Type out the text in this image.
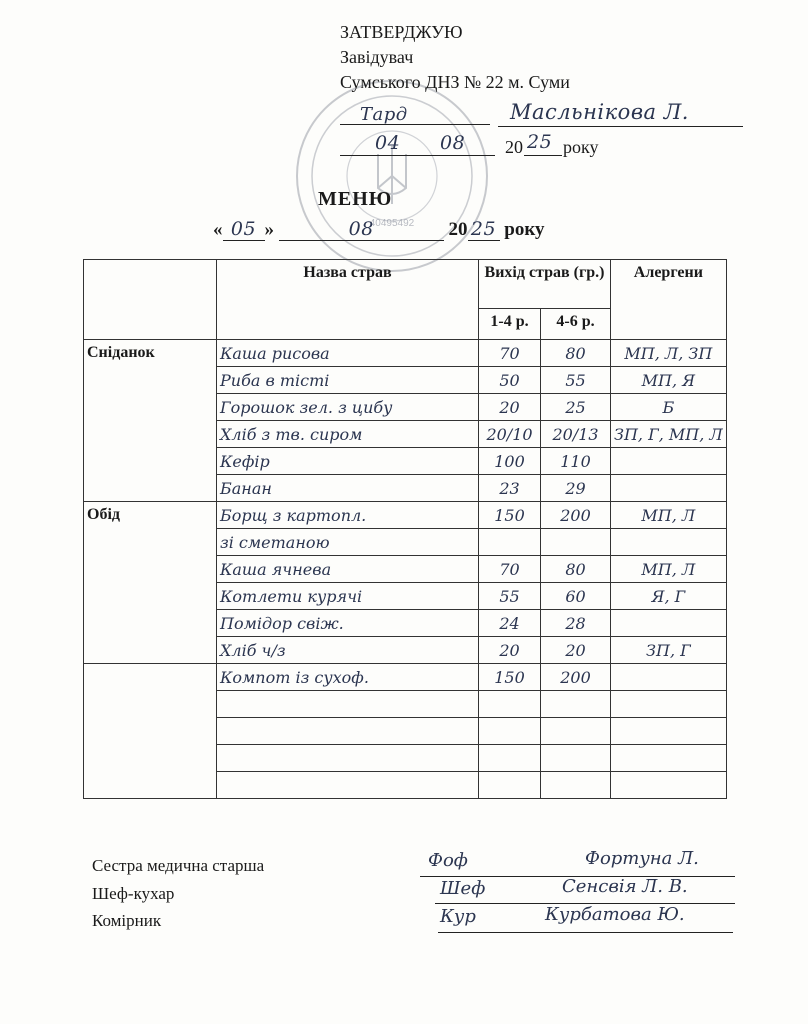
40495492
ЗАТВЕРДЖУЮ
Завідувач
Сумського ДНЗ № 22 м. Суми
Тард	Масльнікова Л.
04 08 20 25 року
МЕНЮ
« 05 »	08	20 25 року
	Назва страв	Вихід страв (гр.)		Алергени
		1-4 р.	4-6 р.	
Сніданок	Каша рисова	70	80	МП, Л, ЗП
	Риба в тісті	50	55	МП, Я
	Горошок зел. з цибу	20	25	Б
	Хліб з тв. сиром	20/10	20/13	ЗП, Г, МП, Л
	Кефір	100	110	
	Банан	23	29	
Обід	Борщ з картопл.	150	200	МП, Л
	зі сметаною			
	Каша ячнева	70	80	МП, Л
	Котлети курячі	55	60	Я, Г
	Помідор свіж.	24	28	
	Хліб ч/з	20	20	ЗП, Г
	Компот із сухоф.	150	200	

Сестра медична старша
Шеф-кухар
Комірник
Фоф
Шеф
Кур
Фортуна Л.
Сенсвія Л. В.
Курбатова Ю.
